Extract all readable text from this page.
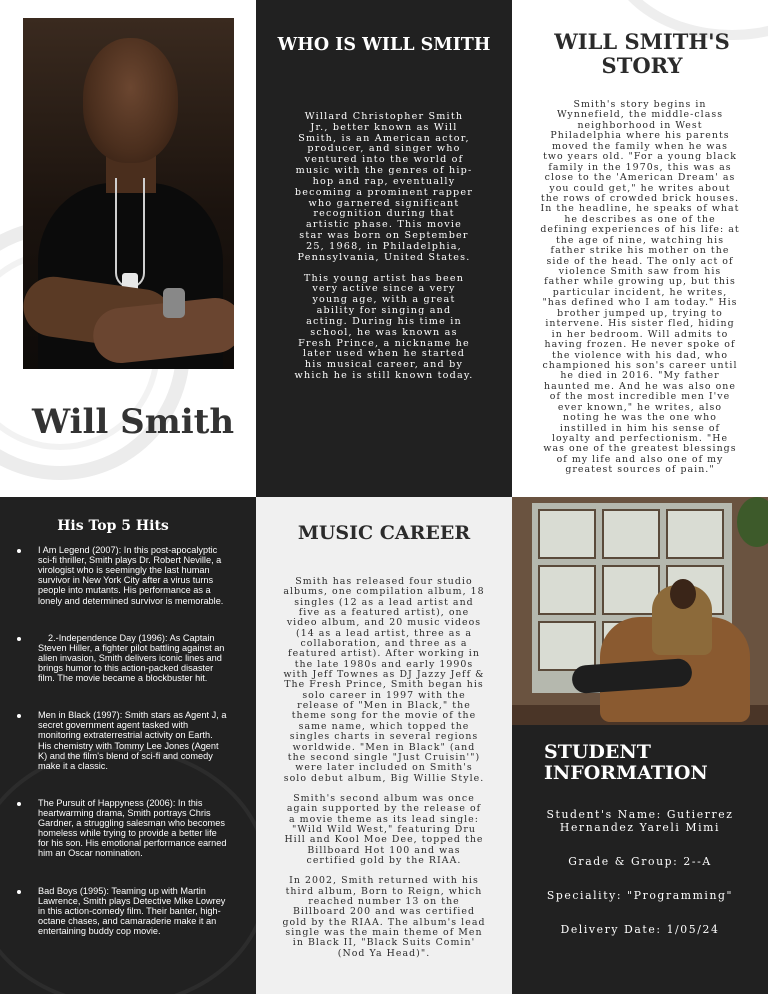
Will Smith
WHO IS WILL SMITH

Willard Christopher Smith Jr., better known as Will Smith, is an American actor, producer, and singer who ventured into the world of music with the genres of hip-hop and rap, eventually becoming a prominent rapper who garnered significant recognition during that artistic phase. This movie star was born on September 25, 1968, in Philadelphia, Pennsylvania, United States.

This young artist has been very active since a very young age, with a great ability for singing and acting. During his time in school, he was known as Fresh Prince, a nickname he later used when he started his musical career, and by which he is still known today.

WILL SMITH'S STORY
Smith's story begins in Wynnefield, the middle-class neighborhood in West Philadelphia where his parents moved the family when he was two years old. "For a young black family in the 1970s, this was as close to the 'American Dream' as you could get," he writes about the rows of crowded brick houses. In the headline, he speaks of what he describes as one of the defining experiences of his life: at the age of nine, watching his father strike his mother on the side of the head. The only act of violence Smith saw from his father while growing up, but this particular incident, he writes, "has defined who I am today." His brother jumped up, trying to intervene. His sister fled, hiding in her bedroom. Will admits to having frozen. He never spoke of the violence with his dad, who championed his son's career until he died in 2016. "My father haunted me. And he was also one of the most incredible men I've ever known," he writes, also noting he was the one who instilled in him his sense of loyalty and perfectionism. "He was one of the greatest blessings of my life and also one of my greatest sources of pain."
His Top 5 Hits
I Am Legend (2007): In this post-apocalyptic sci-fi thriller, Smith plays Dr. Robert Neville, a virologist who is seemingly the last human survivor in New York City after a virus turns people into mutants. His performance as a lonely and determined survivor is memorable.
2.-Independence Day (1996): As Captain Steven Hiller, a fighter pilot battling against an alien invasion, Smith delivers iconic lines and brings humor to this action-packed disaster film. The movie became a blockbuster hit.
Men in Black (1997): Smith stars as Agent J, a secret government agent tasked with monitoring extraterrestrial activity on Earth. His chemistry with Tommy Lee Jones (Agent K) and the film's blend of sci-fi and comedy make it a classic.
The Pursuit of Happyness (2006): In this heartwarming drama, Smith portrays Chris Gardner, a struggling salesman who becomes homeless while trying to provide a better life for his son. His emotional performance earned him an Oscar nomination.
Bad Boys (1995): Teaming up with Martin Lawrence, Smith plays Detective Mike Lowrey in this action-comedy film. Their banter, high-octane chases, and camaraderie make it an entertaining buddy cop movie.
MUSIC CAREER

Smith has released four studio albums, one compilation album, 18 singles (12 as a lead artist and five as a featured artist), one video album, and 20 music videos (14 as a lead artist, three as a collaboration, and three as a featured artist). After working in the late 1980s and early 1990s with Jeff Townes as DJ Jazzy Jeff & The Fresh Prince, Smith began his solo career in 1997 with the release of "Men in Black," the theme song for the movie of the same name, which topped the singles charts in several regions worldwide. "Men in Black" (and the second single "Just Cruisin'") were later included on Smith's solo debut album, Big Willie Style.

Smith's second album was once again supported by the release of a movie theme as its lead single: "Wild Wild West," featuring Dru Hill and Kool Moe Dee, topped the Billboard Hot 100 and was certified gold by the RIAA.

In 2002, Smith returned with his third album, Born to Reign, which reached number 13 on the Billboard 200 and was certified gold by the RIAA. The album's lead single was the main theme of Men in Black II, "Black Suits Comin' (Nod Ya Head)".

STUDENT INFORMATION
Student's Name: Gutierrez Hernandez Yareli Mimi
Grade & Group: 2--A
Speciality: "Programming"
Delivery Date: 1/05/24
